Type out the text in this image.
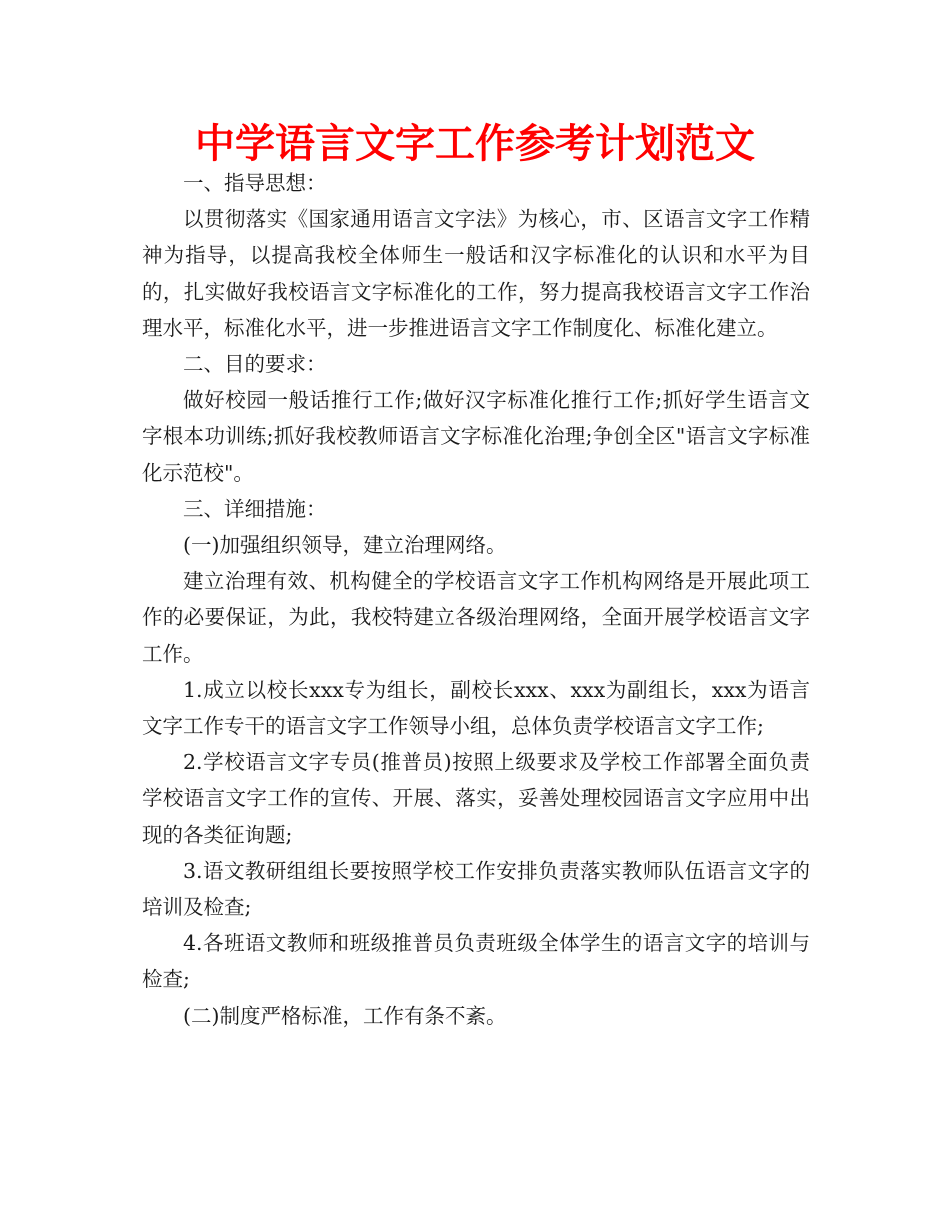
中学语言文字工作参考计划范文

一、指导思想：

以贯彻落实《国家通用语言文字法》为核心，市、区语言文字工作精神为指导，以提高我校全体师生一般话和汉字标准化的认识和水平为目的，扎实做好我校语言文字标准化的工作，努力提高我校语言文字工作治理水平，标准化水平，进一步推进语言文字工作制度化、标准化建立。

二、目的要求：

做好校园一般话推行工作;做好汉字标准化推行工作;抓好学生语言文字根本功训练;抓好我校教师语言文字标准化治理;争创全区"语言文字标准化示范校"。

三、详细措施：

(一)加强组织领导，建立治理网络。

建立治理有效、机构健全的学校语言文字工作机构网络是开展此项工作的必要保证，为此，我校特建立各级治理网络，全面开展学校语言文字工作。

1.成立以校长xxx专为组长，副校长xxx、xxx为副组长，xxx为语言文字工作专干的语言文字工作领导小组，总体负责学校语言文字工作;

2.学校语言文字专员(推普员)按照上级要求及学校工作部署全面负责学校语言文字工作的宣传、开展、落实，妥善处理校园语言文字应用中出现的各类征询题;

3.语文教研组组长要按照学校工作安排负责落实教师队伍语言文字的培训及检查;

4.各班语文教师和班级推普员负责班级全体学生的语言文字的培训与检查;

(二)制度严格标准，工作有条不紊。
